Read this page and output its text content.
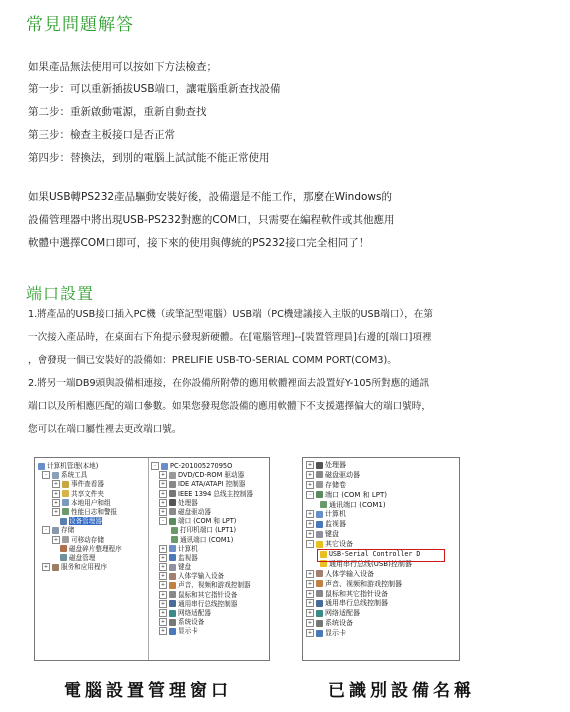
常見問題解答
如果產品無法使用可以按如下方法檢查；
第一步：可以重新插拔USB端口，讓電腦重新查找設備
第二步：重新啟動電源，重新自動查找
第三步：檢查主板接口是否正常
第四步：替換法，到別的電腦上試試能不能正常使用
如果USB轉PS232產品驅動安裝好後，設備還是不能工作，那麼在Windows的
設備管理器中將出現USB-PS232對應的COM口，只需要在編程軟件或其他應用
軟體中選擇COM口即可，接下來的使用與傳統的PS232接口完全相同了！
端口設置
1.將產品的USB接口插入PC機（或筆記型電腦）USB端（PC機建議接入主版的USB端口），在第
一次接入產品時，在桌面右下角提示發現新硬體。在[電腦管理]--[裝置管理員]右邊的[端口]項裡
，會發現一個已安裝好的設備如：PRELIFIE USB-TO-SERIAL COMM PORT(COM3)。
2.將另一端DB9頭與設備相連接，在你設備所附帶的應用軟體裡面去設置好Y-105所對應的通訊
端口以及所相應匹配的端口參數。如果您發現您設備的應用軟體下不支援選擇偏大的端口號時，
您可以在端口屬性裡去更改端口號。
计算机管理(本地)
- 系统工具
+ 事件查看器
+ 共享文件夹
+ 本地用户和组
+ 性能日志和警报
设备管理器
- 存储
+ 可移动存储
磁盘碎片整理程序
磁盘管理
+ 服务和应用程序
- PC-20100527095O
+ DVD/CD-ROM 驱动器
+ IDE ATA/ATAPI 控制器
+ IEEE 1394 总线主控制器
+ 处理器
+ 磁盘驱动器
- 端口 (COM 和 LPT)
打印机端口 (LPT1)
通讯端口 (COM1)
+ 计算机
+ 监视器
+ 键盘
+ 人体学输入设备
+ 声音、视频和游戏控制器
+ 鼠标和其它指针设备
+ 通用串行总线控制器
+ 网络适配器
+ 系统设备
+ 显示卡
+ 处理器
+ 磁盘驱动器
+ 存储卷
- 端口 (COM 和 LPT)
通讯端口 (COM1)
+ 计算机
+ 监视器
+ 键盘
- 其它设备
USB-Serial Controller D
通用串行总线(USB)控制器
+ 人体学输入设备
+ 声音、视频和游戏控制器
+ 鼠标和其它指针设备
+ 通用串行总线控制器
+ 网络适配器
+ 系统设备
+ 显示卡
電腦設置管理窗口	已識別設備名稱
